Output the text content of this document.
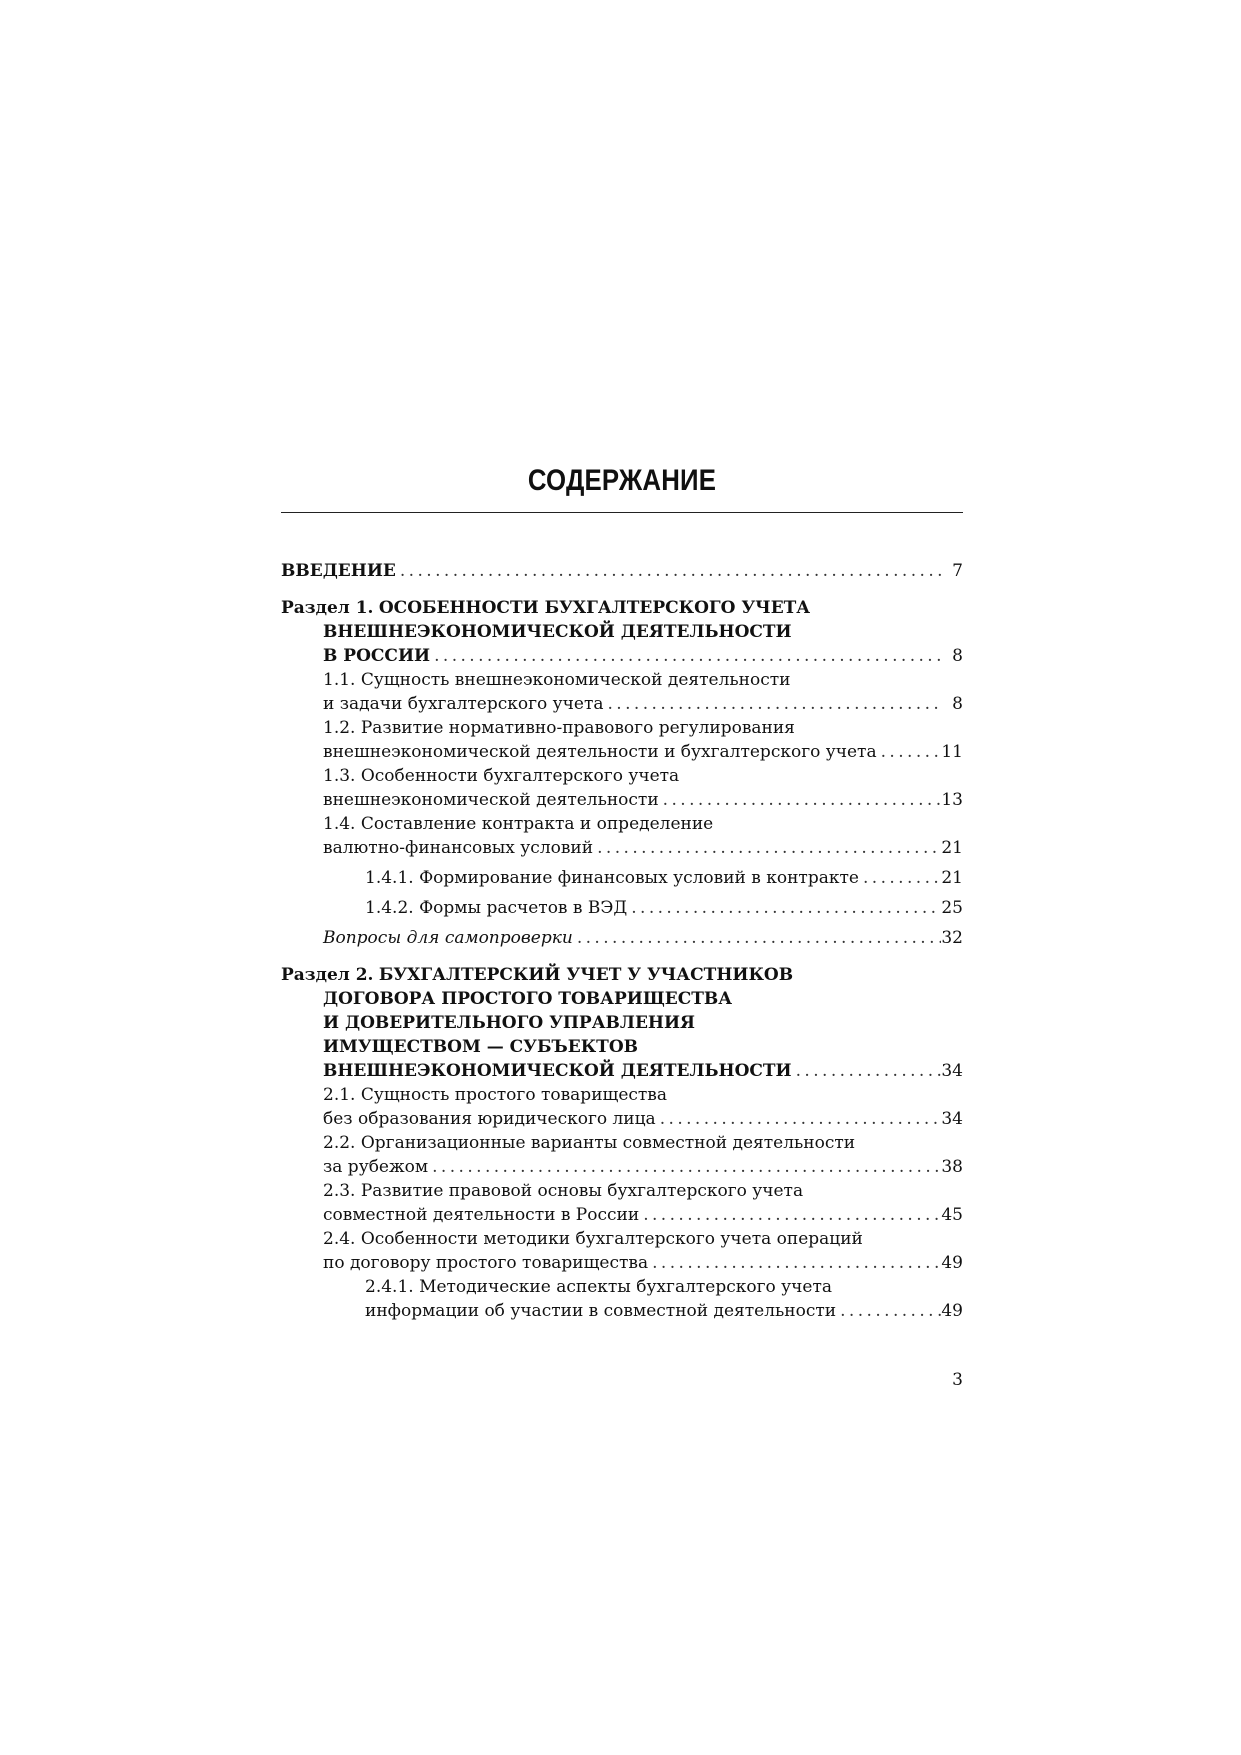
СОДЕРЖАНИЕ
ВВЕДЕНИЕ . . .	7
Раздел 1. ОСОБЕННОСТИ БУХГАЛТЕРСКОГО УЧЕТА
ВНЕШНЕЭКОНОМИЧЕСКОЙ ДЕЯТЕЛЬНОСТИ
В РОССИИ . . .	8
1.1. Сущность внешнеэкономической деятельности
и задачи бухгалтерского учета . . .	8
1.2. Развитие нормативно-правового регулирования
внешнеэкономической деятельности и бухгалтерского учета . . .	11
1.3. Особенности бухгалтерского учета
внешнеэкономической деятельности . . .	13
1.4. Составление контракта и определение
валютно-финансовых условий . . .	21
1.4.1. Формирование финансовых условий в контракте . . .	21
1.4.2. Формы расчетов в ВЭД . . .	25
Вопросы для самопроверки . . .	32
Раздел 2. БУХГАЛТЕРСКИЙ УЧЕТ У УЧАСТНИКОВ
ДОГОВОРА ПРОСТОГО ТОВАРИЩЕСТВА
И ДОВЕРИТЕЛЬНОГО УПРАВЛЕНИЯ
ИМУЩЕСТВОМ — СУБЪЕКТОВ
ВНЕШНЕЭКОНОМИЧЕСКОЙ ДЕЯТЕЛЬНОСТИ . . .	34
2.1. Сущность простого товарищества
без образования юридического лица . . .	34
2.2. Организационные варианты совместной деятельности
за рубежом . . .	38
2.3. Развитие правовой основы бухгалтерского учета
совместной деятельности в России . . .	45
2.4. Особенности методики бухгалтерского учета операций
по договору простого товарищества . . .	49
2.4.1. Методические аспекты бухгалтерского учета
информации об участии в совместной деятельности . . .	49
3
